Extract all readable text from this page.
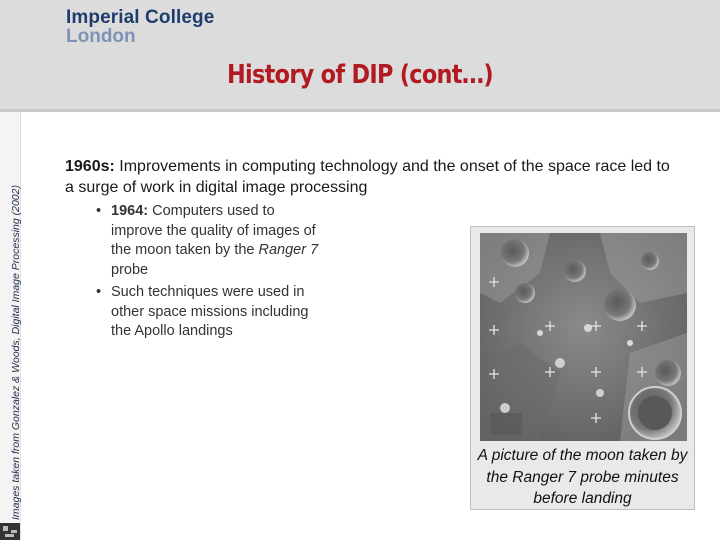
Imperial College
London
History of DIP (cont…)
Images taken from Gonzalez & Woods, Digital Image Processing (2002)
1960s: Improvements in computing technology and the onset of the space race led to a surge of work in digital image processing
• 1964: Computers used to improve the quality of images of the moon taken by the Ranger 7 probe
• Such techniques were used in other space missions including the Apollo landings
A picture of the moon taken by the Ranger 7 probe minutes before landing
